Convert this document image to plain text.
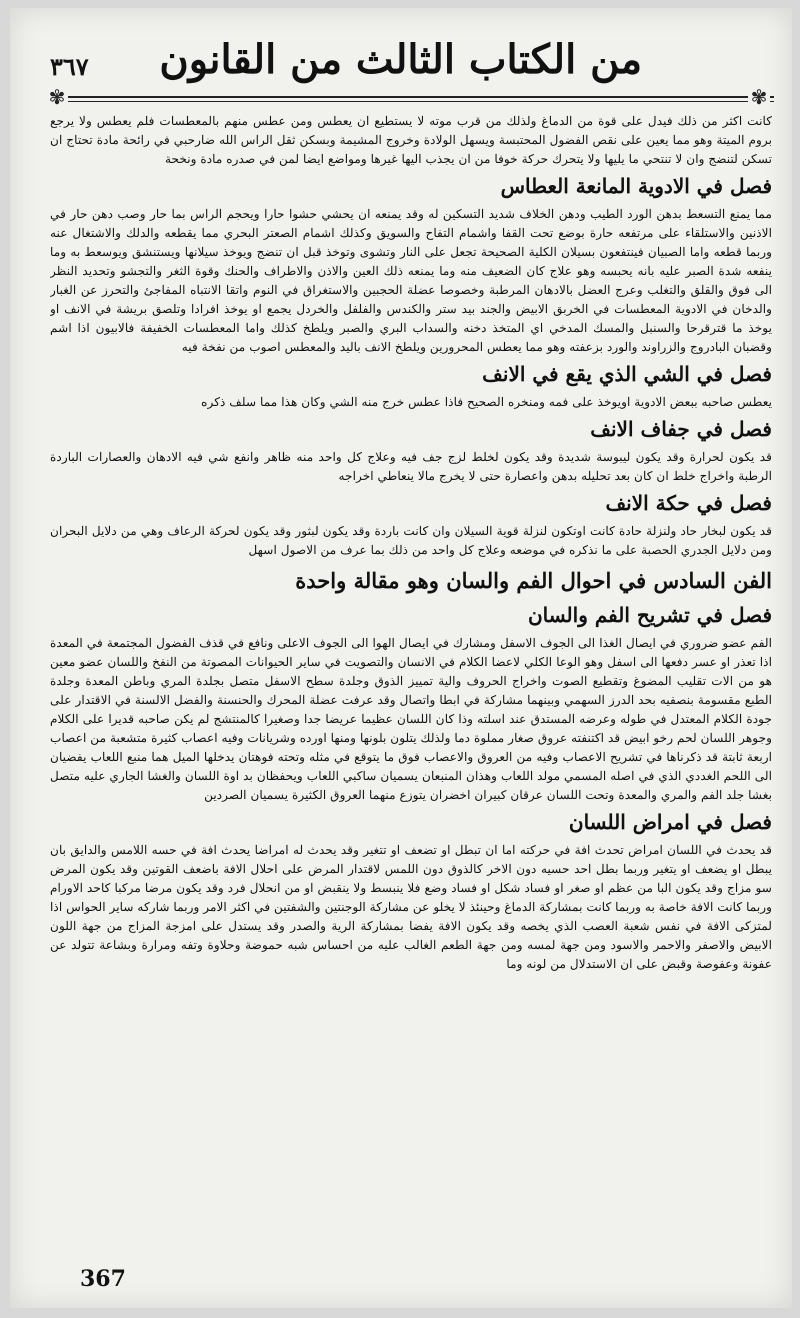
من الكتاب الثالث من القانون
٣٦٧
✾	✾

كانت اكثر من ذلك فيدل على قوة من الدماغ ولذلك من قرب موته لا يستطيع ان يعطس ومن عطس منهم بالمعطسات فلم يعطس ولا يرجع بروم الميتة وهو مما يعين على نقص الفضول المحتبسة ويسهل الولادة وخروج المشيمة وبسكن ثقل الراس الله ضارحبي في رائحة مادة تحتاج ان تسكن لتنضج وان لا تنتحي ما يليها ولا يتحرك حركة خوفا من ان يجذب اليها غيرها ومواضع ايضا لمن في صدره مادة ونخحة

فصل في الادوية المانعة العطاس

مما يمنع التسعط بدهن الورد الطيب ودهن الخلاف شديد التسكين له وقد يمنعه ان يحشي حشوا حارا ويحجم الراس بما حار وصب دهن حار في الاذنين والاستلقاء على مرتفعه حارة بوضع تحت القفا واشمام التفاح والسويق وكذلك اشمام الصعتر البحري مما يقطعه والدلك والاشتغال عنه وربما قطعه واما الصبيان فينتفعون بسيلان الكلية الصحيحة تجعل على النار وتشوى وتوخذ قبل ان تنضج ويوخذ سيلانها ويستنشق ويوسعط به وما ينفعه شدة الصبر عليه بانه يحبسه وهو علاج كان الضعيف منه وما يمنعه ذلك العين والاذن والاطراف والحنك وقوة الثغر والتجشو وتحديد النظر الى فوق والقلق والتغلب وعرج العضل بالادهان المرطبة وخصوصا عضلة الحجبين والاستغراق في النوم واتقا الانتباه المفاجئ والتحرز عن الغبار والدخان في الادوية المعطسات في الخربق الابيض والجند بيد ستر والكندس والفلفل والخردل يجمع او يوخذ افرادا وتلصق بريشة في الانف او يوخذ ما قترقرحا والسنبل والمسك المدخي اي المتخذ دخنه والسداب البري والصبر ويلطخ كذلك واما المعطسات الخفيفة فالابيون اذا اشم وقضبان البادروج والزراوند والورد بزعفته وهو مما يعطس المحرورين ويلطخ الانف باليد والمعطس اصوب من نفخة فيه

فصل في الشي الذي يقع في الانف

يعطس صاحبه ببعض الادوية اويوخذ على فمه ومنخره الصحيح فاذا عطس خرج منه الشي وكان هذا مما سلف ذكره

فصل في جفاف الانف

قد يكون لحرارة وقد يكون ليبوسة شديدة وقد يكون لخلط لزج جف فيه وعلاج كل واحد منه ظاهر وانفع شي فيه الادهان والعصارات الباردة الرطبة واخراج خلط ان كان بعد تحليله بدهن واعصارة حتى لا يخرج مالا ينعاطي اخراجه

فصل في حكة الانف

قد يكون لبخار حاد ولنزلة حادة كانت اوتكون لنزلة قوية السيلان وان كانت باردة وقد يكون لبثور وقد يكون لحركة الرعاف وهي من دلايل البحران ومن دلايل الجدري الحصبة على ما نذكره في موضعه وعلاج كل واحد من ذلك بما عرف من الاصول اسهل

الفن السادس في احوال الفم والسان وهو مقالة واحدة
فصل في تشريح الفم والسان

الفم عضو ضروري في ايصال الغذا الى الجوف الاسفل ومشارك في ايصال الهوا الى الجوف الاعلى ونافع في قذف الفضول المجتمعة في المعدة اذا تعذر او عسر دفعها الى اسفل وهو الوعا الكلي لاعضا الكلام في الانسان والتصويت في ساير الحيوانات المصوتة من النفخ واللسان عضو معين هو من الات تقليب المضوغ وتقطيع الصوت واخراج الحروف والية تمييز الذوق وجلدة سطح الاسفل متصل بجلدة المري وباطن المعدة وجلدة الطبع مقسومة بنصفيه بحد الدرز السهمي وبينهما مشاركة في ابطا واتصال وقد عرفت عضلة المحرك والحنسنة والفضل الالسنة في الاقتدار على جودة الكلام المعتدل في طوله وعرضه المستدق عند اسلته وذا كان اللسان عظيما عريضا جدا وصغيرا كالمنتشج لم يكن صاحبه قديرا على الكلام وجوهر اللسان لحم رخو ابيض قد اكتنفته عروق صغار مملوة دما ولذلك يتلون بلونها ومنها اورده وشريانات وفيه اعصاب كثيرة متشعبة من اعصاب اربعة ثابتة قد ذكرناها في تشريح الاعصاب وفيه من العروق والاعصاب فوق ما يتوقع في مثله وتحته فوهتان يدخلها الميل هما منبع اللعاب يفضيان الى اللحم الغددي الذي في اصله المسمي مولد اللعاب وهذان المنبعان يسميان ساكبي اللعاب ويحفظان بد اوة اللسان والغشا الجاري عليه متصل بغشا جلد الفم والمري والمعدة وتحت اللسان عرقان كبيران اخضران يتوزع منهما العروق الكثيرة يسميان الصردين

فصل في امراض اللسان

قد يحدث في اللسان امراض تحدث افة في حركته اما ان تبطل او تضعف او تتغير وقد يحدث له امراضا يحدث افة في حسه اللامس والدايق بان يبطل او يضعف او يتغير وربما بطل احد حسيه دون الاخر كالذوق دون اللمس لاقتدار المرض على احلال الافة باضعف القوتين وقد يكون المرض سو مزاج وقد يكون البا من عظم او صغر او فساد شكل او فساد وضع فلا ينبسط ولا ينقبض او من انحلال فرد وقد يكون مرضا مركبا كاحد الاورام وربما كانت الافة خاصة به وربما كانت بمشاركة الدماغ وحينئذ لا يخلو عن مشاركة الوجنتين والشفتين في اكثر الامر وربما شاركه ساير الحواس اذا لمتزكى الافة في نفس شعبة العصب الذي يخصه وقد يكون الافة يفضا بمشاركة الرية والصدر وقد يستدل على امزجة المزاج من جهة اللون الابيض والاصفر والاحمر والاسود ومن جهة لمسه ومن جهة الطعم الغالب عليه من احساس شبه حموضة وحلاوة وتفه ومرارة وبشاعة تتولد عن عفونة وعفوصة وقبض على ان الاستدلال من لونه وما

367
